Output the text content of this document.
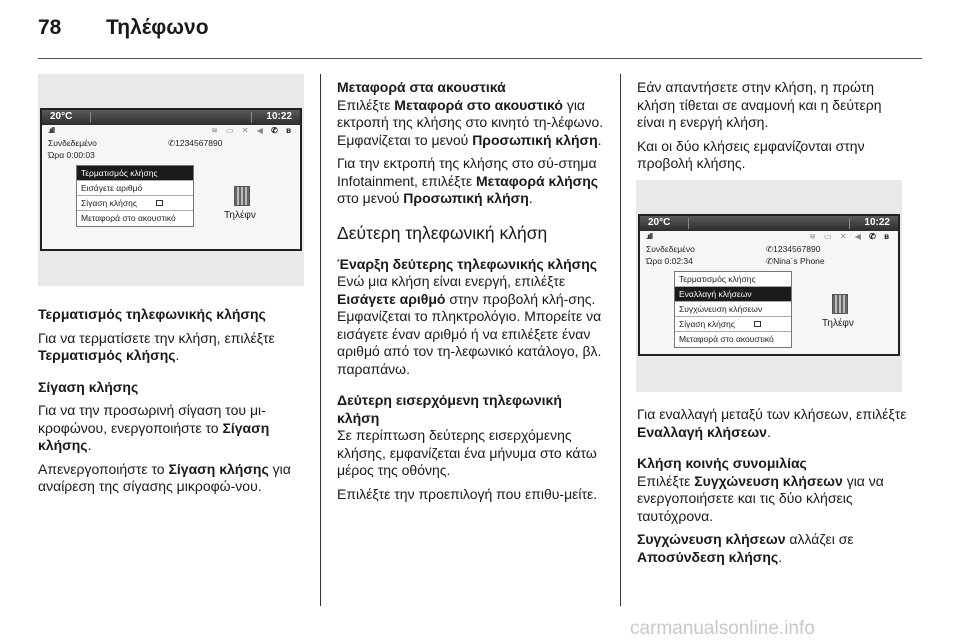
78	Τηλέφωνο
20°C	10:22
.ııll	≋ ▭ ✕ ◀ ✆ ʙ
Συνδεδεμένο	✆1234567890
Ώρα 0:00:03
Τερματισμός κλήσης
Εισάγετε αριθμό
Σίγαση κλήσης
Μεταφορά στο ακουστικό	Τηλέφν

Τερματισμός τηλεφωνικής κλήσης

Για να τερματίσετε την κλήση, επιλέξτε Τερματισμός κλήσης.

Σίγαση κλήσης

Για να την προσωρινή σίγαση του μι-κροφώνου, ενεργοποιήστε το Σίγαση κλήσης.

Απενεργοποιήστε το Σίγαση κλήσης για αναίρεση της σίγασης μικροφώ-νου.

Μεταφορά στα ακουστικά

Επιλέξτε Μεταφορά στο ακουστικό για εκτροπή της κλήσης στο κινητό τη-λέφωνο. Εμφανίζεται το μενού Προσωπική κλήση.

Για την εκτροπή της κλήσης στο σύ-στημα Infotainment, επιλέξτε Μεταφορά κλήσης στο μενού Προσωπική κλήση.

Δεύτερη τηλεφωνική κλήση

Έναρξη δεύτερης τηλεφωνικής κλήσης

Ενώ μια κλήση είναι ενεργή, επιλέξτε Εισάγετε αριθμό στην προβολή κλή-σης. Εμφανίζεται το πληκτρολόγιο. Μπορείτε να εισάγετε έναν αριθμό ή να επιλέξετε έναν αριθμό από τον τη-λεφωνικό κατάλογο, βλ. παραπάνω.

Δεύτερη εισερχόμενη τηλεφωνική κλήση

Σε περίπτωση δεύτερης εισερχόμενης κλήσης, εμφανίζεται ένα μήνυμα στο κάτω μέρος της οθόνης.

Επιλέξτε την προεπιλογή που επιθυ-μείτε.

Εάν απαντήσετε στην κλήση, η πρώτη κλήση τίθεται σε αναμονή και η δεύτερη είναι η ενεργή κλήση.

Και οι δύο κλήσεις εμφανίζονται στην προβολή κλήσης.

20°C	10:22
.ııll	≋ ▭ ✕ ◀ ✆ ʙ
Συνδεδεμένο	✆1234567890
Ώρα 0:02:34	✆Nina´s Phone
Τερματισμός κλήσης
Εναλλαγή κλήσεων
Συγχώνευση κλήσεων
Σίγαση κλήσης
Μεταφορά στο ακουστικό
Τηλέφν

Για εναλλαγή μεταξύ των κλήσεων, επιλέξτε Εναλλαγή κλήσεων.

Κλήση κοινής συνομιλίας

Επιλέξτε Συγχώνευση κλήσεων για να ενεργοποιήσετε και τις δύο κλήσεις ταυτόχρονα.

Συγχώνευση κλήσεων αλλάζει σε Αποσύνδεση κλήσης.

carmanualsonline.info
